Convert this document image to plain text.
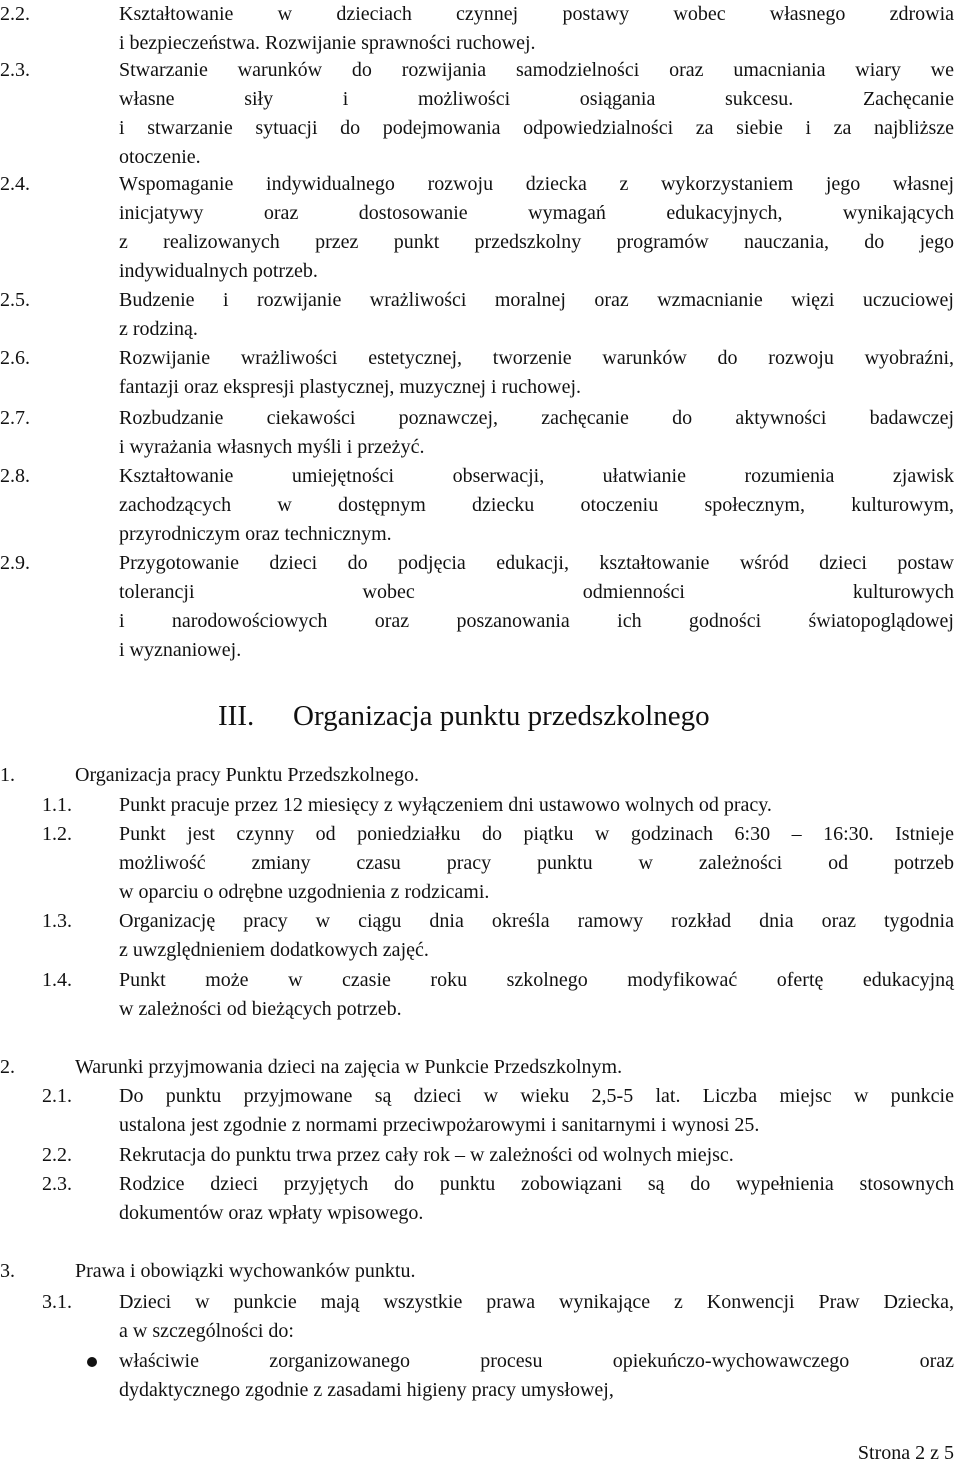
2.2.	Kształtowanie w dzieciach czynnej postawy wobec własnego zdrowia
i bezpieczeństwa. Rozwijanie sprawności ruchowej.
2.3.	Stwarzanie warunków do rozwijania samodzielności oraz umacniania wiary we
własne siły i możliwości osiągania sukcesu. Zachęcanie
i stwarzanie sytuacji do podejmowania odpowiedzialności za siebie i za najbliższe
otoczenie.
2.4.	Wspomaganie indywidualnego rozwoju dziecka z wykorzystaniem jego własnej
inicjatywy oraz dostosowanie wymagań edukacyjnych, wynikających
z realizowanych przez punkt przedszkolny programów nauczania, do jego
indywidualnych potrzeb.
2.5.	Budzenie i rozwijanie wrażliwości moralnej oraz wzmacnianie więzi uczuciowej
z rodziną.
2.6.	Rozwijanie wrażliwości estetycznej, tworzenie warunków do rozwoju wyobraźni,
fantazji oraz ekspresji plastycznej, muzycznej i ruchowej.
2.7.	Rozbudzanie ciekawości poznawczej, zachęcanie do aktywności badawczej
i wyrażania własnych myśli i przeżyć.
2.8.	Kształtowanie umiejętności obserwacji, ułatwianie rozumienia zjawisk
zachodzących w dostępnym dziecku otoczeniu społecznym, kulturowym,
przyrodniczym oraz technicznym.
2.9.	Przygotowanie dzieci do podjęcia edukacji, kształtowanie wśród dzieci postaw
tolerancji wobec odmienności kulturowych
i narodowościowych oraz poszanowania ich godności światopoglądowej
i wyznaniowej.
III. Organizacja punktu przedszkolnego
1.	Organizacja pracy Punktu Przedszkolnego.
1.1. Punkt pracuje przez 12 miesięcy z wyłączeniem dni ustawowo wolnych od pracy.
1.2. Punkt jest czynny od poniedziałku do piątku w godzinach 6:30 – 16:30. Istnieje
możliwość zmiany czasu pracy punktu w zależności od potrzeb
w oparciu o odrębne uzgodnienia z rodzicami.
1.3. Organizację pracy w ciągu dnia określa ramowy rozkład dnia oraz tygodnia
z uwzględnieniem dodatkowych zajęć.
1.4. Punkt może w czasie roku szkolnego modyfikować ofertę edukacyjną
w zależności od bieżących potrzeb.
2.	Warunki przyjmowania dzieci na zajęcia w Punkcie Przedszkolnym.
2.1. Do punktu przyjmowane są dzieci w wieku 2,5-5 lat. Liczba miejsc w punkcie
ustalona jest zgodnie z normami przeciwpożarowymi i sanitarnymi i wynosi 25.
2.2. Rekrutacja do punktu trwa przez cały rok – w zależności od wolnych miejsc.
2.3. Rodzice dzieci przyjętych do punktu zobowiązani są do wypełnienia stosownych
dokumentów oraz wpłaty wpisowego.
3.	Prawa i obowiązki wychowanków punktu.
3.1. Dzieci w punkcie mają wszystkie prawa wynikające z Konwencji Praw Dziecka,
a w szczególności do:
właściwie zorganizowanego procesu opiekuńczo-wychowawczego oraz
dydaktycznego zgodnie z zasadami higieny pracy umysłowej,
Strona 2 z 5
